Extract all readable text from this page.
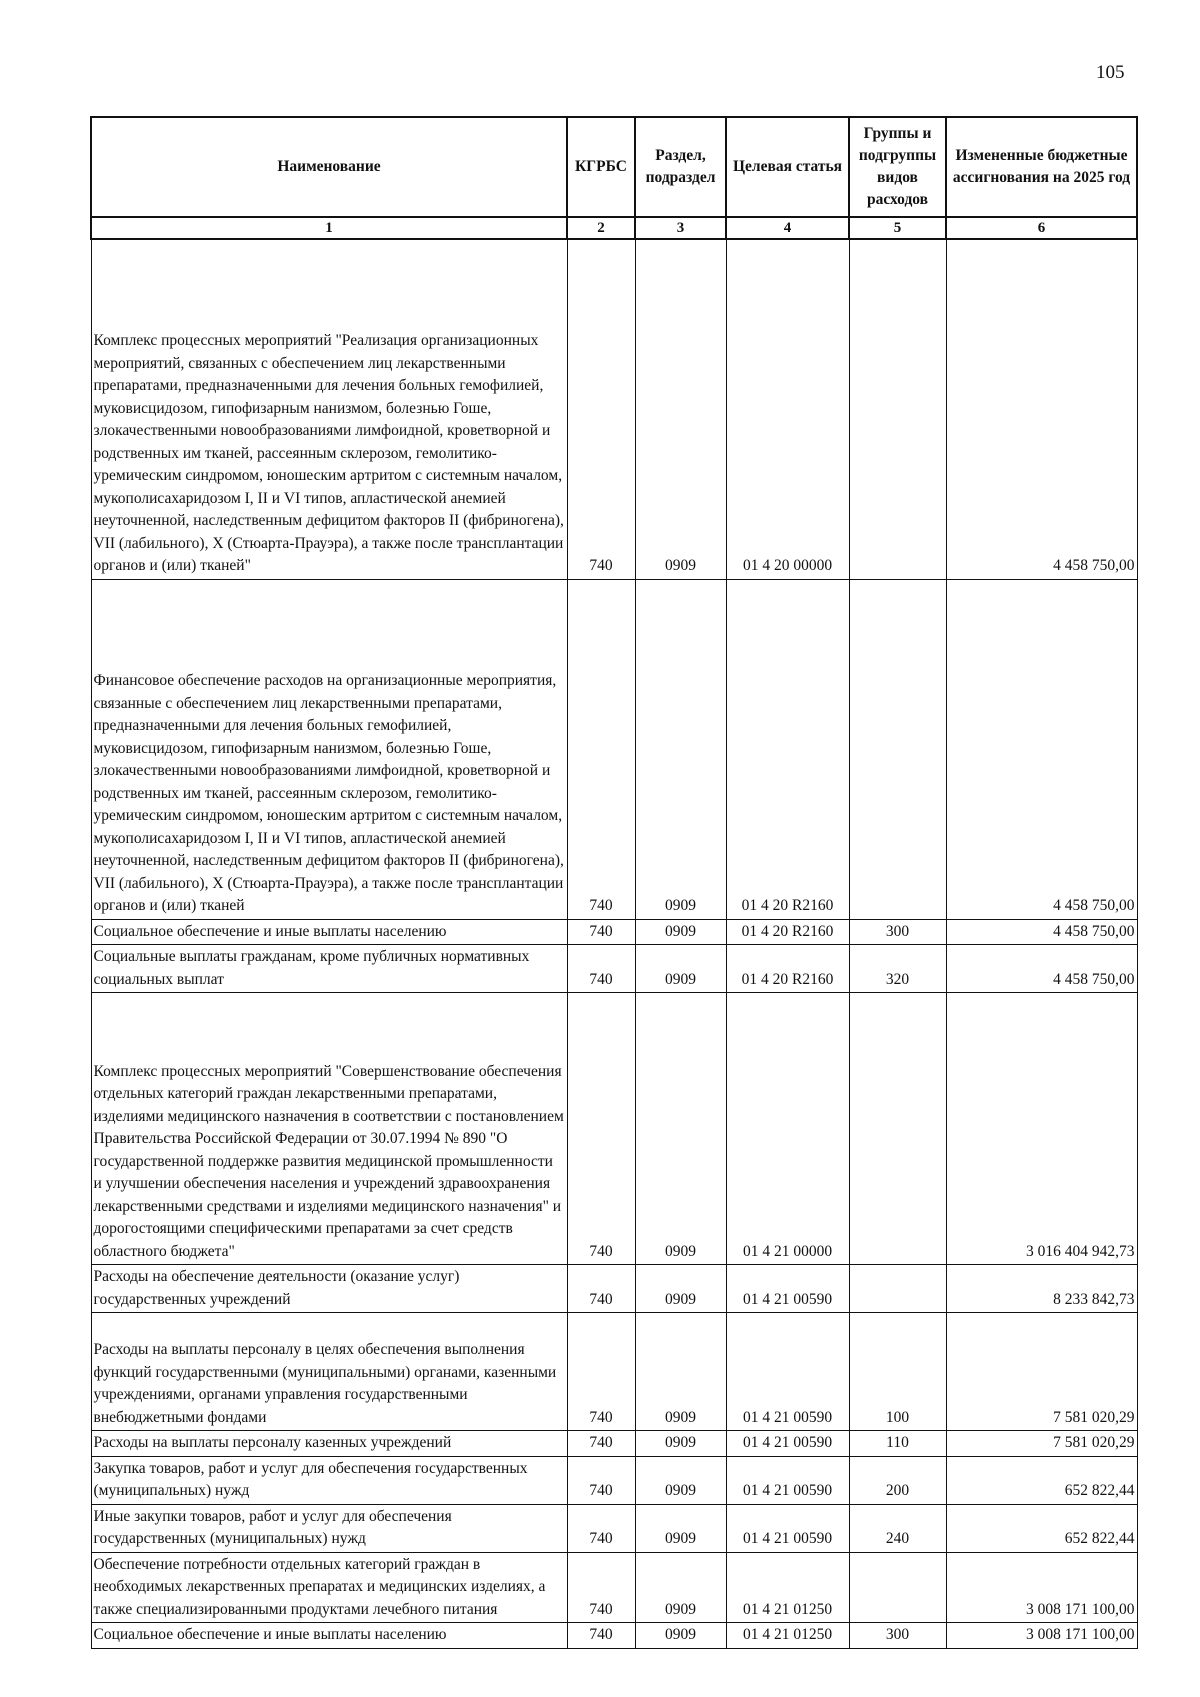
105
Наименование	КГРБС	Раздел, подраздел	Целевая статья	Группы и подгруппы видов расходов	Измененные бюджетные ассигнования на 2025 год
1	2	3	4	5	6
Комплекс процессных мероприятий "Реализация организационных мероприятий, связанных с обеспечением лиц лекарственными препаратами, предназначенными для лечения больных гемофилией, муковисцидозом, гипофизарным нанизмом, болезнью Гоше, злокачественными новообразованиями лимфоидной, кроветворной и родственных им тканей, рассеянным склерозом, гемолитико-уремическим синдромом, юношеским артритом с системным началом, мукополисахаридозом I, II и VI типов, апластической анемией неуточненной, наследственным дефицитом факторов II (фибриногена), VII (лабильного), X (Стюарта-Прауэра), а также после трансплантации органов и (или) тканей"	740	0909	01 4 20 00000		4 458 750,00
Финансовое обеспечение расходов на организационные мероприятия, связанные с обеспечением лиц лекарственными препаратами, предназначенными для лечения больных гемофилией, муковисцидозом, гипофизарным нанизмом, болезнью Гоше, злокачественными новообразованиями лимфоидной, кроветворной и родственных им тканей, рассеянным склерозом, гемолитико-уремическим синдромом, юношеским артритом с системным началом, мукополисахаридозом I, II и VI типов, апластической анемией неуточненной, наследственным дефицитом факторов II (фибриногена), VII (лабильного), X (Стюарта-Прауэра), а также после трансплантации органов и (или) тканей	740	0909	01 4 20 R2160		4 458 750,00
Социальное обеспечение и иные выплаты населению	740	0909	01 4 20 R2160	300	4 458 750,00
Социальные выплаты гражданам, кроме публичных нормативных социальных выплат	740	0909	01 4 20 R2160	320	4 458 750,00
Комплекс процессных мероприятий "Совершенствование обеспечения отдельных категорий граждан лекарственными препаратами, изделиями медицинского назначения в соответствии с постановлением Правительства Российской Федерации от 30.07.1994 № 890 "О государственной поддержке развития медицинской промышленности и улучшении обеспечения населения и учреждений здравоохранения лекарственными средствами и изделиями медицинского назначения" и дорогостоящими специфическими препаратами за счет средств областного бюджета"	740	0909	01 4 21 00000		3 016 404 942,73
Расходы на обеспечение деятельности (оказание услуг) государственных учреждений	740	0909	01 4 21 00590		8 233 842,73
Расходы на выплаты персоналу в целях обеспечения выполнения функций государственными (муниципальными) органами, казенными учреждениями, органами управления государственными внебюджетными фондами	740	0909	01 4 21 00590	100	7 581 020,29
Расходы на выплаты персоналу казенных учреждений	740	0909	01 4 21 00590	110	7 581 020,29
Закупка товаров, работ и услуг для обеспечения государственных (муниципальных) нужд	740	0909	01 4 21 00590	200	652 822,44
Иные закупки товаров, работ и услуг для обеспечения государственных (муниципальных) нужд	740	0909	01 4 21 00590	240	652 822,44
Обеспечение потребности отдельных категорий граждан в необходимых лекарственных препаратах и медицинских изделиях, а также специализированными продуктами лечебного питания	740	0909	01 4 21 01250		3 008 171 100,00
Социальное обеспечение и иные выплаты населению	740	0909	01 4 21 01250	300	3 008 171 100,00
